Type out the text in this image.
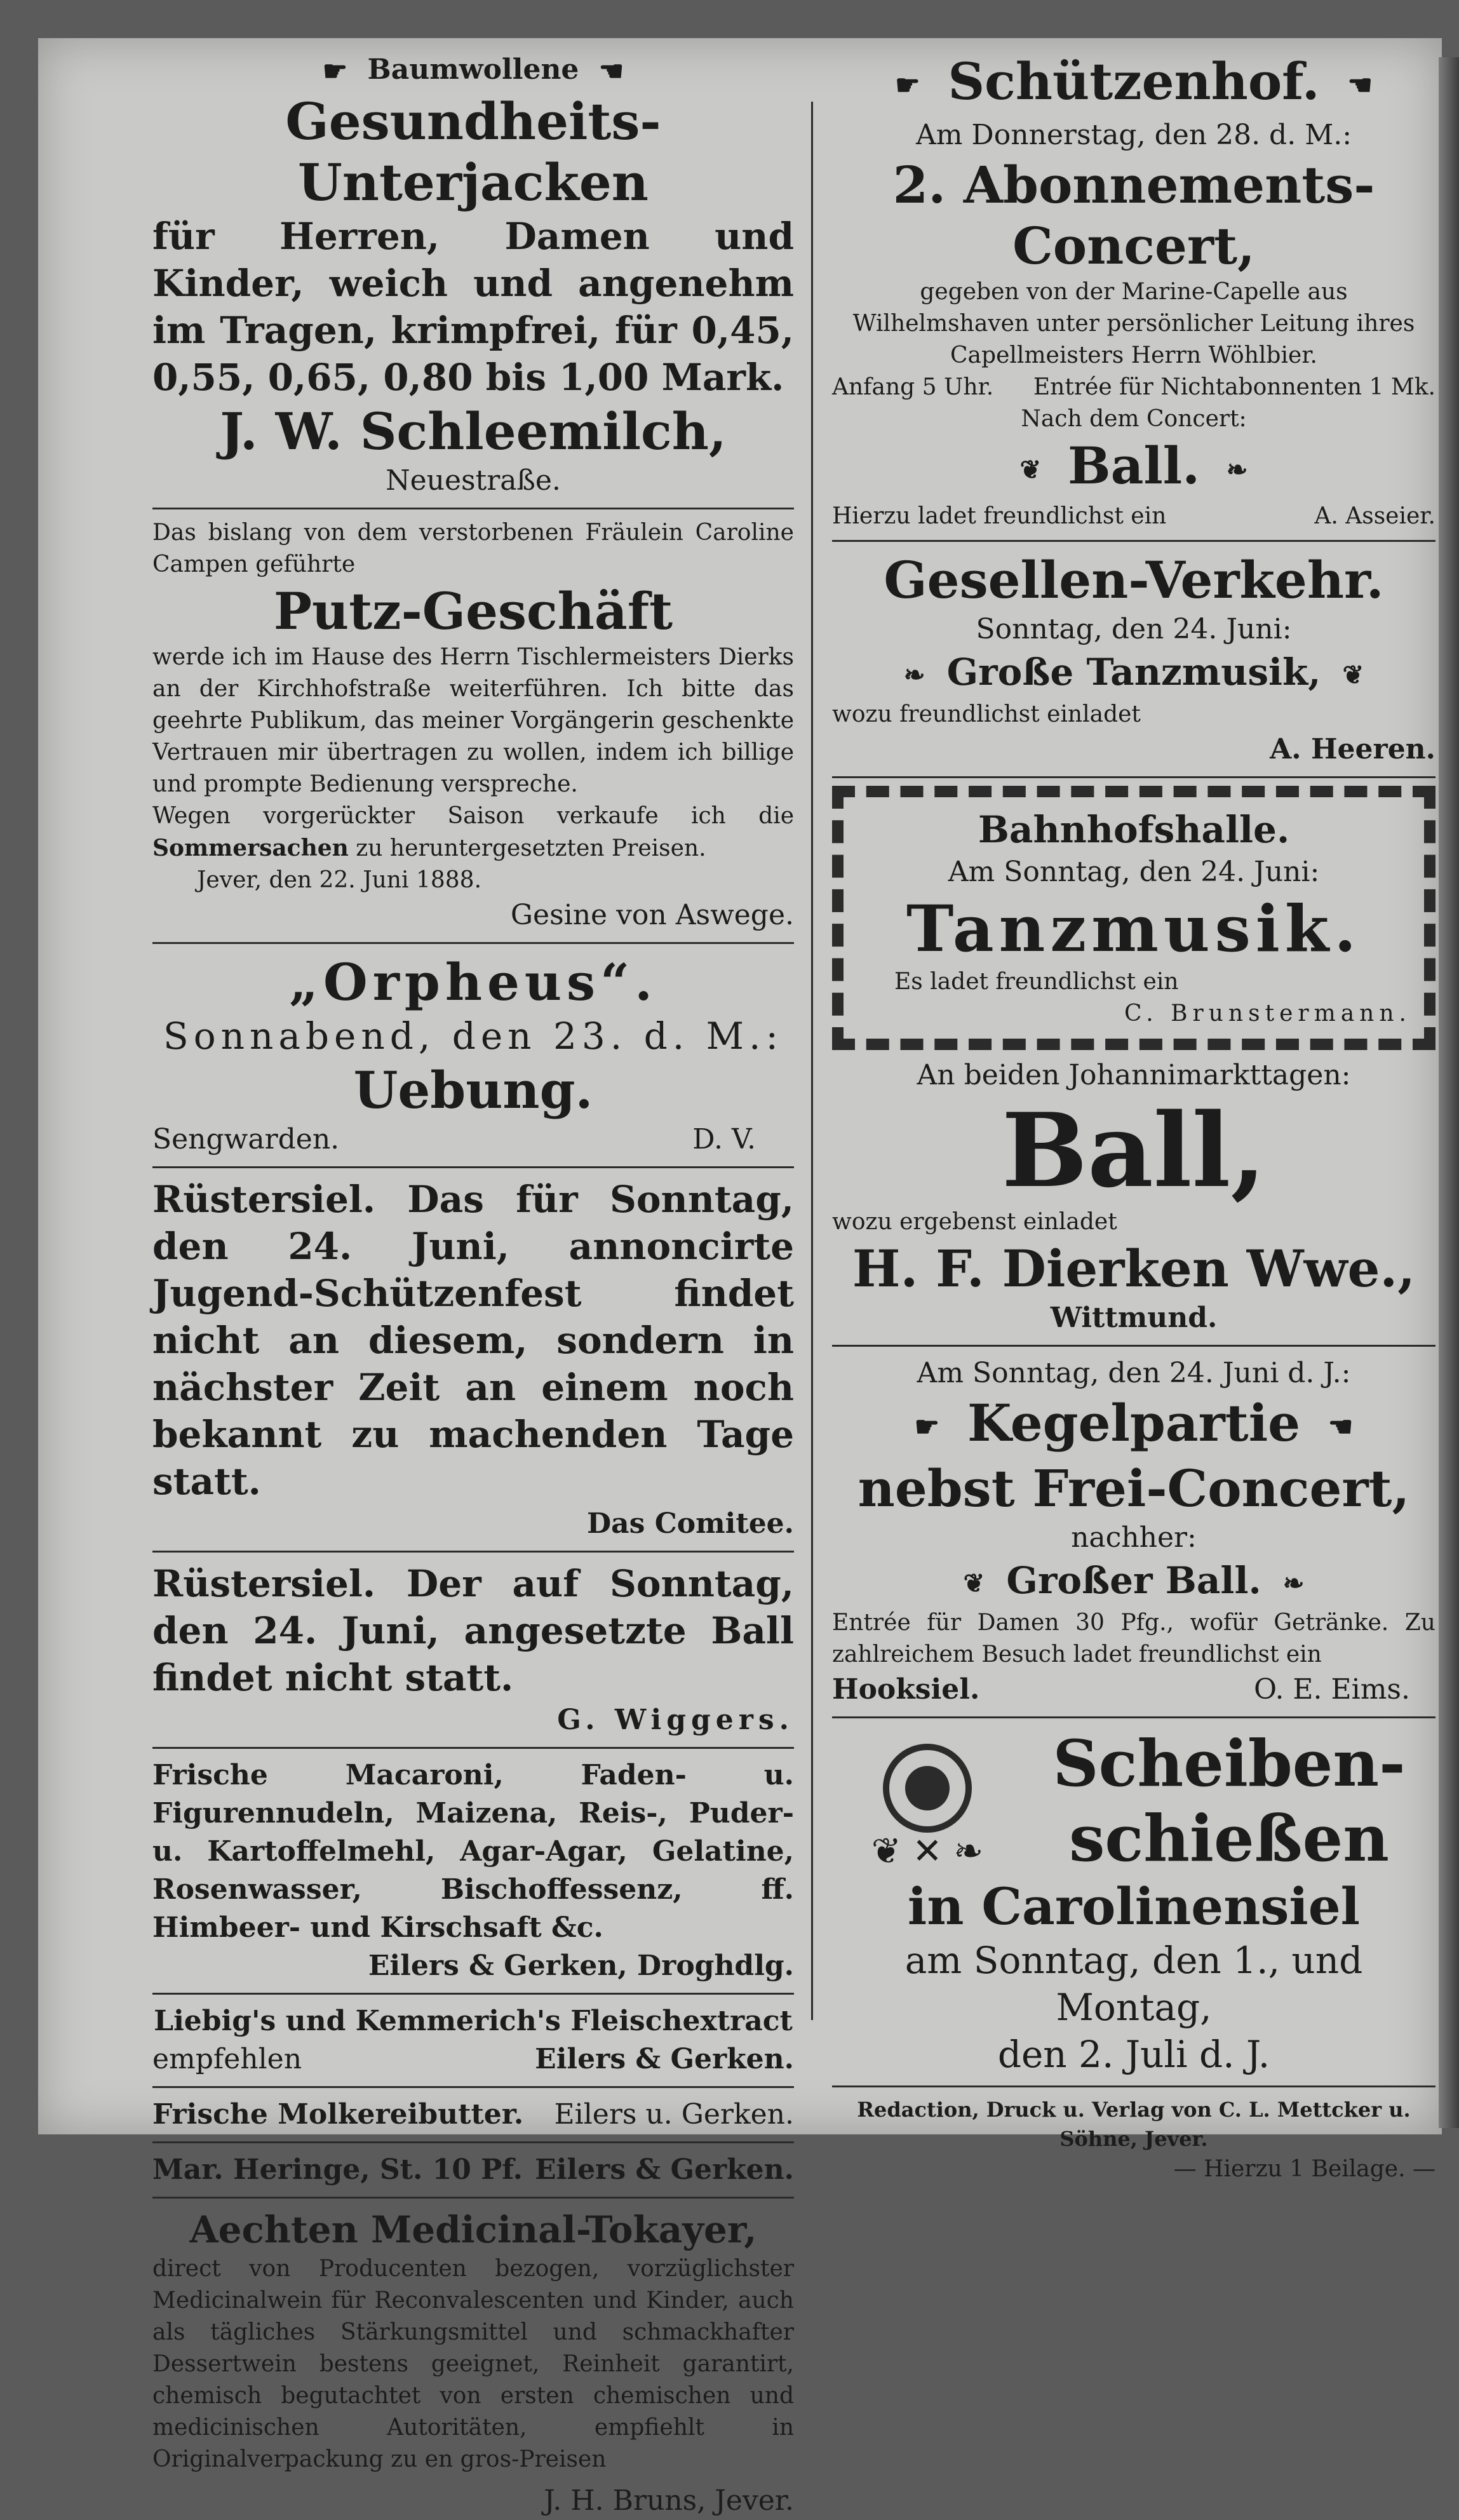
☛ Baumwollene ☚
Gesundheits-Unterjacken
für Herren, Damen und Kinder, weich und angenehm im Tragen, krimpfrei, für 0,45, 0,55, 0,65, 0,80 bis 1,00 Mark.
J. W. Schleemilch,
Neuestraße.
Das bislang von dem verstorbenen Fräulein Caroline Campen geführte
Putz-Geschäft
werde ich im Hause des Herrn Tischlermeisters Dierks an der Kirchhofstraße weiterführen. Ich bitte das geehrte Publikum, das meiner Vorgängerin geschenkte Vertrauen mir übertragen zu wollen, indem ich billige und prompte Bedienung verspreche.
Wegen vorgerückter Saison verkaufe ich die Sommersachen zu heruntergesetzten Preisen.
Jever, den 22. Juni 1888.
Gesine von Aswege.
„Orpheus“.
Sonnabend, den 23. d. M.:
Uebung.
Sengwarden.	D. V.
Rüstersiel. Das für Sonntag, den 24. Juni, annoncirte Jugend-Schützenfest findet nicht an diesem, sondern in nächster Zeit an einem noch bekannt zu machenden Tage statt.
Das Comitee.
Rüstersiel. Der auf Sonntag, den 24. Juni, angesetzte Ball findet nicht statt.
G. Wiggers.
Frische Macaroni, Faden- u. Figurennudeln, Maizena, Reis-, Puder- u. Kartoffelmehl, Agar-Agar, Gelatine, Rosenwasser, Bischoffessenz, ff. Himbeer- und Kirschsaft &c.
Eilers & Gerken, Droghdlg.
Liebig's und Kemmerich's Fleischextract
empfehlen	Eilers & Gerken.
Frische Molkereibutter. Eilers u. Gerken.
Mar. Heringe, St. 10 Pf. Eilers & Gerken.
Aechten Medicinal-Tokayer,
direct von Producenten bezogen, vorzüglichster Medicinalwein für Reconvalescenten und Kinder, auch als tägliches Stärkungsmittel und schmackhafter Dessertwein bestens geeignet, Reinheit garantirt, chemisch begutachtet von ersten chemischen und medicinischen Autoritäten, empfiehlt in Originalverpackung zu en gros-Preisen
J. H. Bruns, Jever.
☛ Schützenhof. ☚
Am Donnerstag, den 28. d. M.:
2. Abonnements-Concert,
gegeben von der Marine-Capelle aus Wilhelmshaven unter persönlicher Leitung ihres Capellmeisters Herrn Wöhlbier.
Anfang 5 Uhr. Entrée für Nichtabonnenten 1 Mk.
Nach dem Concert:
❦ Ball. ❧
Hierzu ladet freundlichst ein	A. Asseier.
Gesellen-Verkehr.
Sonntag, den 24. Juni:
❧ Große Tanzmusik, ❦
wozu freundlichst einladet
A. Heeren.
Bahnhofshalle.
Am Sonntag, den 24. Juni:
Tanzmusik.
Es ladet freundlichst ein
C. Brunstermann.
An beiden Johannimarkttagen:
Ball,
wozu ergebenst einladet
H. F. Dierken Wwe.,
Wittmund.
Am Sonntag, den 24. Juni d. J.:
☛ Kegelpartie ☚
nebst Frei-Concert,
nachher:
❦ Großer Ball. ❧
Entrée für Damen 30 Pfg., wofür Getränke. Zu zahlreichem Besuch ladet freundlichst ein
Hooksiel.	O. E. Eims.
❦ ✕ ❧
Scheiben-
schießen
in Carolinensiel
am Sonntag, den 1., und Montag,
den 2. Juli d. J.
Redaction, Druck u. Verlag von C. L. Mettcker u. Söhne, Jever.
— Hierzu 1 Beilage. —
